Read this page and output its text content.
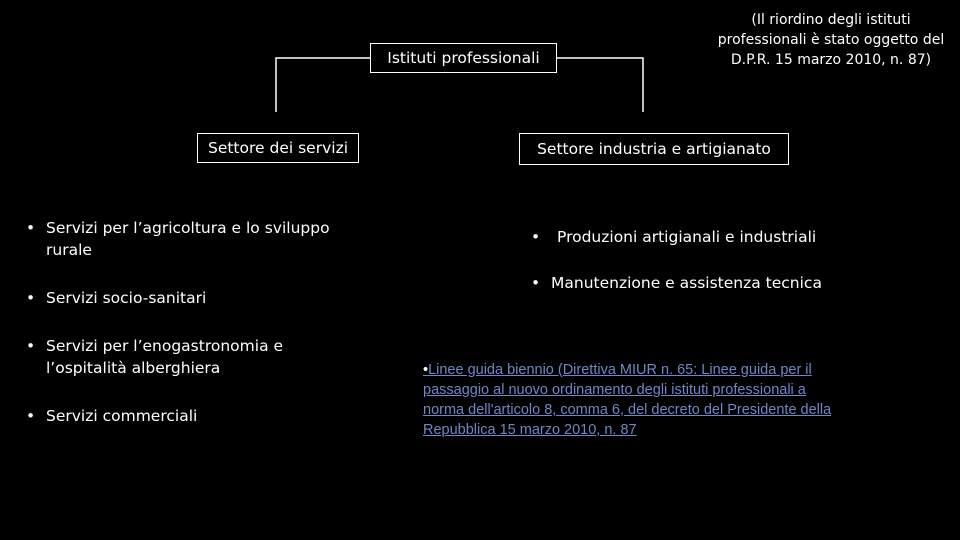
Istituti professionali
(Il riordino degli istituti
professionali è stato oggetto del
D.P.R. 15 marzo 2010, n. 87)
Settore dei servizi	Settore industria e artigianato
• Servizi per l’agricoltura e lo sviluppo
rurale
• Servizi socio-sanitari
• Servizi per l’enogastronomia e
l’ospitalità alberghiera
• Servizi commerciali
• Produzioni artigianali e industriali
• Manutenzione e assistenza tecnica
•Linee guida biennio (Direttiva MIUR n. 65: Linee guida per il
passaggio al nuovo ordinamento degli istituti professionali a
norma dell'articolo 8, comma 6, del decreto del Presidente della
Repubblica 15 marzo 2010, n. 87
